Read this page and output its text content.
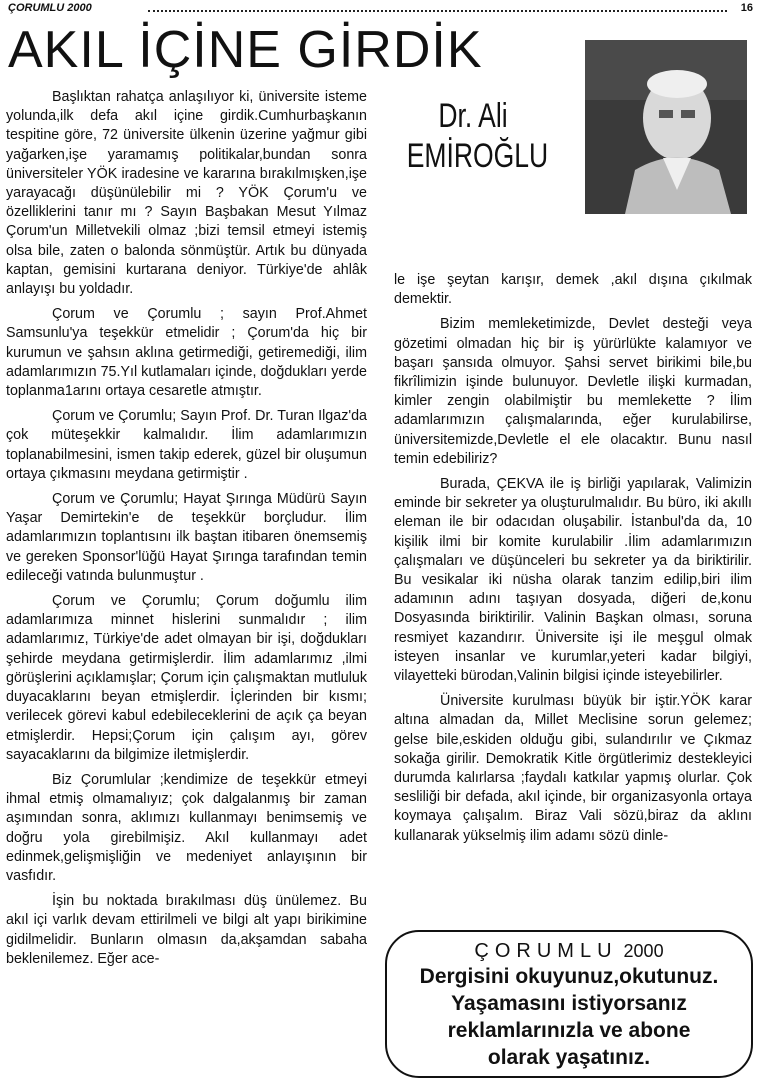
ÇORUMLU 2000	16
AKIL İÇİNE GİRDİK
Dr. Ali
EMİROĞLU

Başlıktan rahatça anlaşılıyor ki, üniversite isteme yolunda,ilk defa akıl içine girdik.Cumhurbaşkanın tespitine göre, 72 üniversite ülkenin üzerine yağmur gibi yağarken,işe yaramamış politikalar,bundan sonra üniversiteler YÖK iradesine ve kararına bırakılmışken,işe yarayacağı düşünülebilir mi ? YÖK Çorum'u ve özelliklerini tanır mı ? Sayın Başbakan Mesut Yılmaz Çorum'un Milletvekili olmaz ;bizi temsil etmeyi istemiş olsa bile, zaten o balonda sönmüştür. Artık bu dünyada kaptan, gemisini kurtarana deniyor. Türkiye'de ahlâk anlayışı bu yoldadır.

Çorum ve Çorumlu ; sayın Prof.Ahmet Samsunlu'ya teşekkür etmelidir ; Çorum'da hiç bir kurumun ve şahsın aklına getirmediği, getiremediği, ilim adamlarımızın 75.Yıl kutlamaları içinde, doğdukları yerde toplanma1arını ortaya cesaretle atmıştır.

Çorum ve Çorumlu; Sayın Prof. Dr. Turan Ilgaz'da çok müteşekkir kalmalıdır. İlim adamlarımızın toplanabilmesini, ismen takip ederek, güzel bir oluşumun ortaya çıkmasını meydana getirmiştir .

Çorum ve Çorumlu; Hayat Şırınga Müdürü Sayın Yaşar Demirtekin'e de teşekkür borçludur. İlim adamlarımızın toplantısını ilk baştan itibaren önemsemiş ve gereken Sponsor'lüğü Hayat Şırınga tarafından temin edileceği vatında bulunmuştur .

Çorum ve Çorumlu; Çorum doğumlu ilim adamlarımıza minnet hislerini sunmalıdır ; ilim adamlarımız, Türkiye'de adet olmayan bir işi, doğdukları şehirde meydana getirmişlerdir. İlim adamlarımız ,ilmi görüşlerini açıklamışlar; Çorum için çalışmaktan mutluluk duyacaklarını beyan etmişlerdir. İçlerinden bir kısmı; verilecek görevi kabul edebileceklerini de açık ça beyan etmişlerdir. Hepsi;Çorum için çalışım ayı, görev sayacaklarını da bilgimize iletmişlerdir.

Biz Çorumlular ;kendimize de teşekkür etmeyi ihmal etmiş olmamalıyız; çok dalgalanmış bir zaman aşımından sonra, aklımızı kullanmayı benimsemiş ve doğru yola girebilmişiz. Akıl kullanmayı adet edinmek,gelişmişliğin ve medeniyet anlayışının bir vasfıdır.

İşin bu noktada bırakılması düş ünülemez. Bu akıl içi varlık devam ettirilmeli ve bilgi alt yapı birikimine gidilmelidir. Bunların olmasın da,akşamdan sabaha beklenilemez. Eğer ace-

le işe şeytan karışır, demek ,akıl dışına çıkılmak demektir.

Bizim memleketimizde, Devlet desteği veya gözetimi olmadan hiç bir iş yürürlükte kalamıyor ve başarı şansıda olmuyor. Şahsi servet birikimi bile,bu fikrîlimizin işinde bulunuyor. Devletle ilişki kurmadan, kimler zengin olabilmiştir bu memlekette ? İlim adamlarımızın çalışmalarında, eğer kurulabilirse, üniversitemizde,Devletle el ele olacaktır. Bunu nasıl temin edebiliriz?

Burada, ÇEKVA ile iş birliği yapılarak, Valimizin eminde bir sekreter ya oluşturulmalıdır. Bu büro, iki akıllı eleman ile bir odacıdan oluşabilir. İstanbul'da da, 10 kişilik ilmi bir komite kurulabilir .İlim adamlarımızın çalışmaları ve düşünceleri bu sekreter ya da biriktirilir. Bu vesikalar iki nüsha olarak tanzim edilip,biri ilim adamının adını taşıyan dosyada, diğeri de,konu Dosyasında biriktirilir. Valinin Başkan olması, soruna resmiyet kazandırır. Üniversite işi ile meşgul olmak isteyen insanlar ve kurumlar,yeteri kadar bilgiyi, vilayetteki bürodan,Valinin bilgisi içinde isteyebilirler.

Üniversite kurulması büyük bir iştir.YÖK karar altına almadan da, Millet Meclisine sorun gelemez; gelse bile,eskiden olduğu gibi, sulandırılır ve Çıkmaz sokağa girilir. Demokratik Kitle örgütlerimiz destekleyici durumda kalırlarsa ;faydalı katkılar yapmış olurlar. Çok sesliliği bir defada, akıl içinde, bir organizasyonla ortaya koymaya çalışalım. Biraz Vali sözü,biraz da aklını kullanarak yükselmiş ilim adamı sözü dinle-

ÇORUMLU 2000
Dergisini okuyunuz,okutunuz.
Yaşamasını istiyorsanız
reklamlarınızla ve abone
olarak yaşatınız.
